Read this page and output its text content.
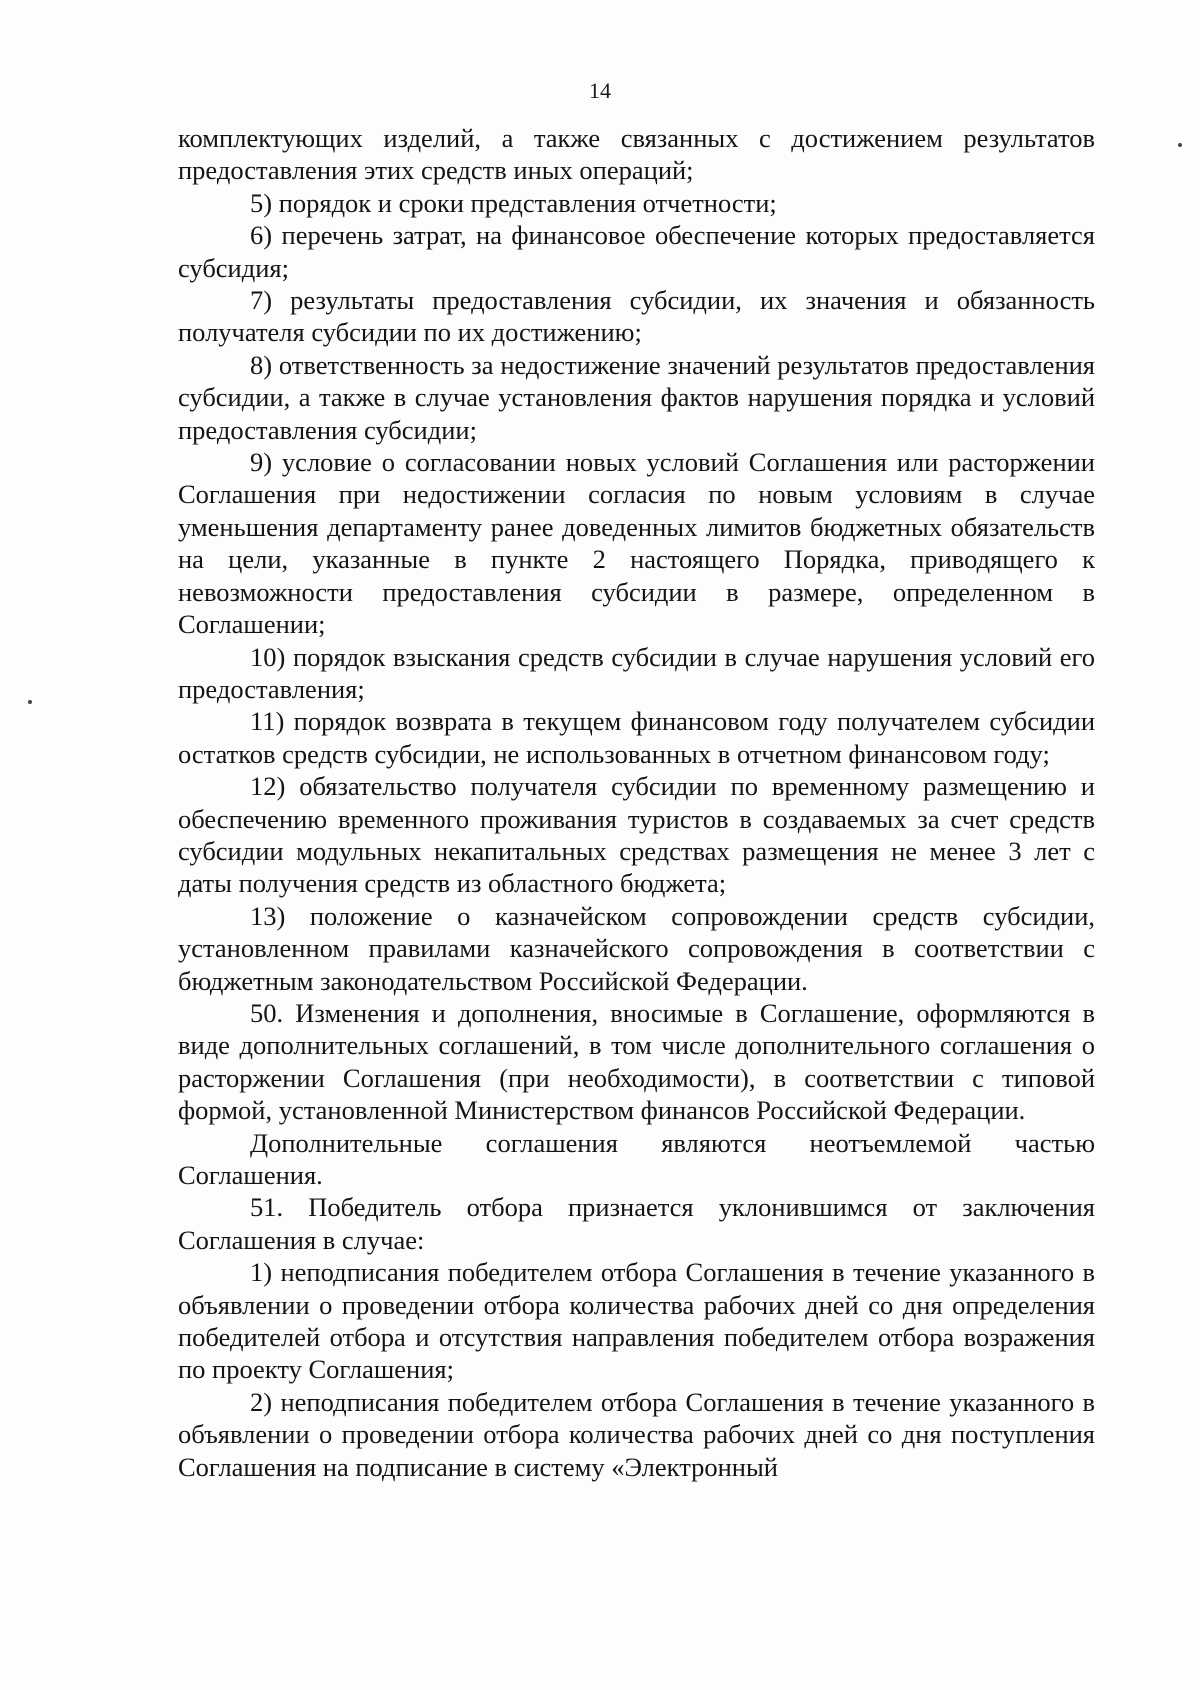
14

комплектующих изделий, а также связанных с достижением результатов предоставления этих средств иных операций;

5) порядок и сроки представления отчетности;

6) перечень затрат, на финансовое обеспечение которых предоставляется субсидия;

7) результаты предоставления субсидии, их значения и обязанность получателя субсидии по их достижению;

8) ответственность за недостижение значений результатов предоставления субсидии, а также в случае установления фактов нарушения порядка и условий предоставления субсидии;

9) условие о согласовании новых условий Соглашения или расторжении Соглашения при недостижении согласия по новым условиям в случае уменьшения департаменту ранее доведенных лимитов бюджетных обязательств на цели, указанные в пункте 2 настоящего Порядка, приводящего к невозможности предоставления субсидии в размере, определенном в Соглашении;

10) порядок взыскания средств субсидии в случае нарушения условий его предоставления;

11) порядок возврата в текущем финансовом году получателем субсидии остатков средств субсидии, не использованных в отчетном финансовом году;

12) обязательство получателя субсидии по временному размещению и обеспечению временного проживания туристов в создаваемых за счет средств субсидии модульных некапитальных средствах размещения не менее 3 лет с даты получения средств из областного бюджета;

13) положение о казначейском сопровождении средств субсидии, установленном правилами казначейского сопровождения в соответствии с бюджетным законодательством Российской Федерации.

50. Изменения и дополнения, вносимые в Соглашение, оформляются в виде дополнительных соглашений, в том числе дополнительного соглашения о расторжении Соглашения (при необходимости), в соответствии с типовой формой, установленной Министерством финансов Российской Федерации.

Дополнительные соглашения являются неотъемлемой частью Соглашения.

51. Победитель отбора признается уклонившимся от заключения Соглашения в случае:

1) неподписания победителем отбора Соглашения в течение указанного в объявлении о проведении отбора количества рабочих дней со дня определения победителей отбора и отсутствия направления победителем отбора возражения по проекту Соглашения;

2) неподписания победителем отбора Соглашения в течение указанного в объявлении о проведении отбора количества рабочих дней со дня поступления Соглашения на подписание в систему «Электронный
